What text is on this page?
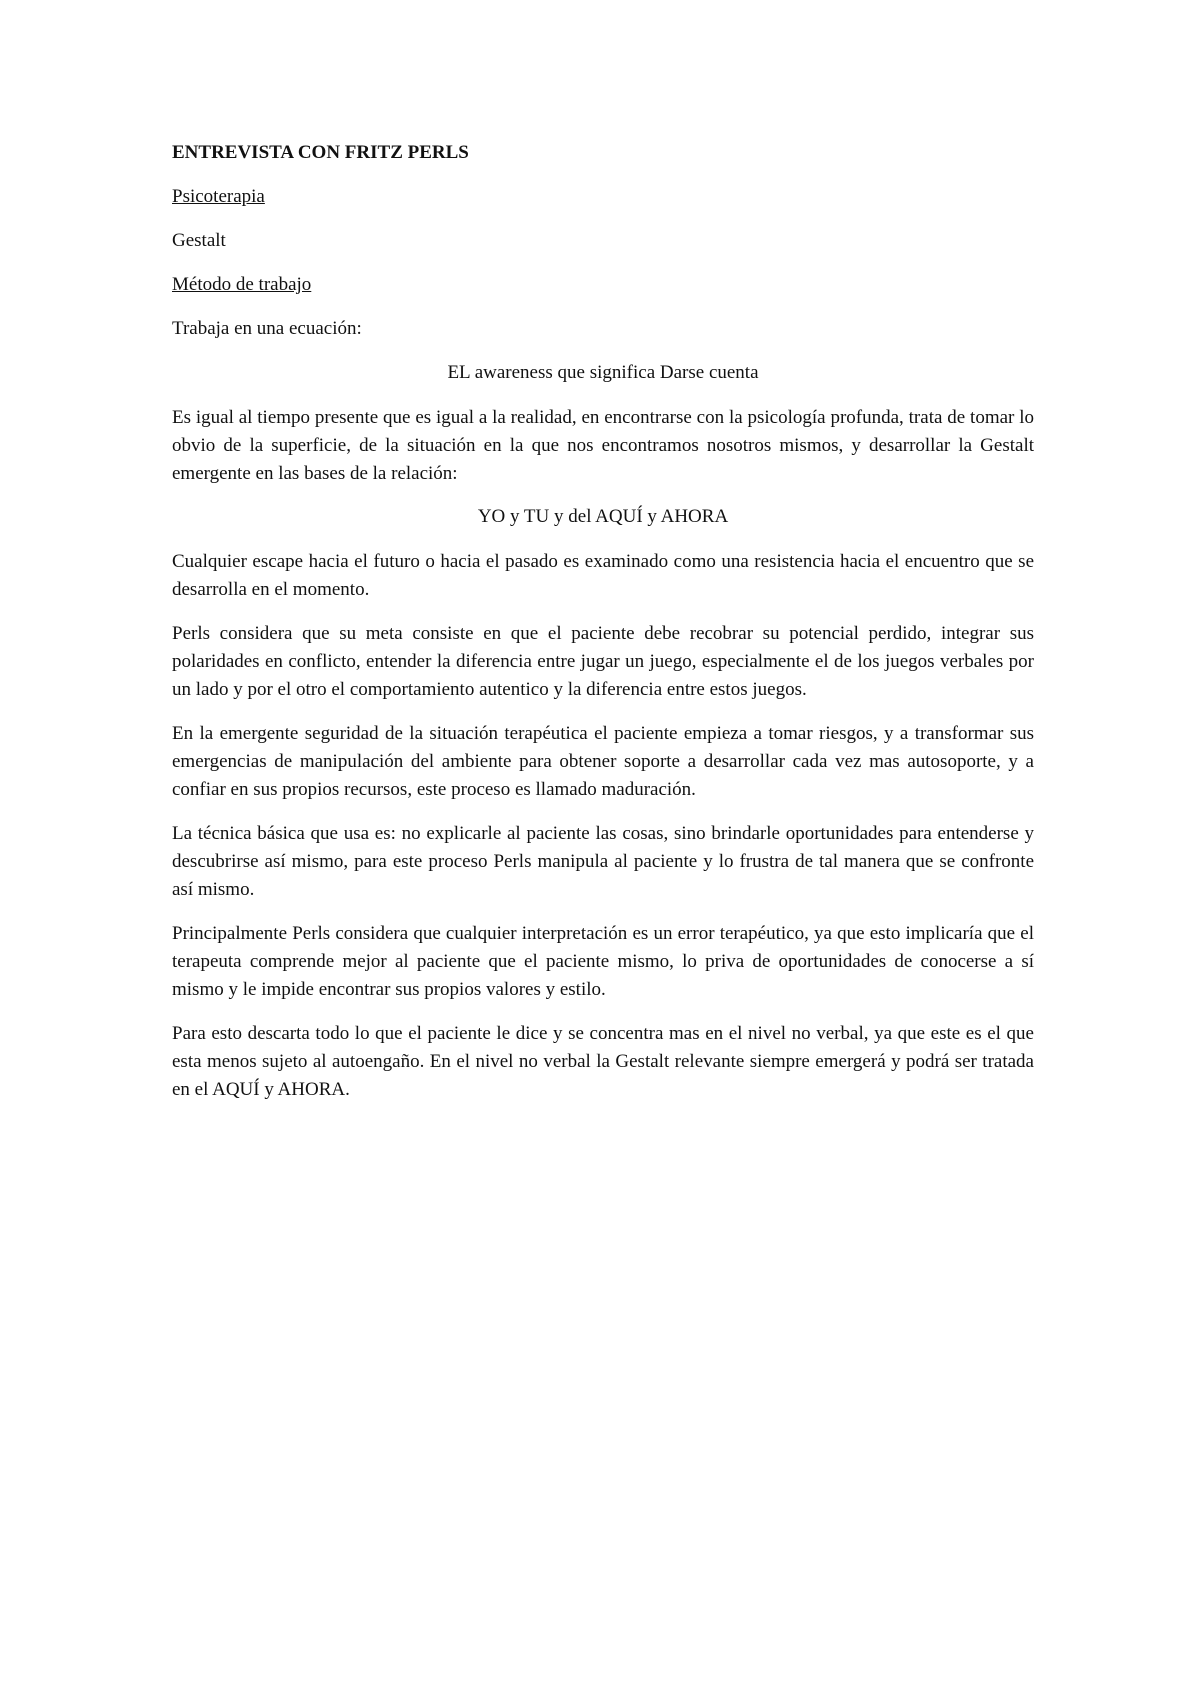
ENTREVISTA CON FRITZ PERLS
Psicoterapia
Gestalt
Método de trabajo
Trabaja en una ecuación:
EL awareness que significa Darse cuenta

Es igual al tiempo presente que es igual a la realidad, en encontrarse con la psicología profunda, trata de tomar lo obvio de la superficie, de la situación en la que nos encontramos nosotros mismos, y desarrollar la Gestalt emergente en las bases de la relación:

YO y TU y del AQUÍ y AHORA

Cualquier escape hacia el futuro o hacia el pasado es examinado como una resistencia hacia el encuentro que se desarrolla en el momento.

Perls considera que su meta consiste en que el paciente debe recobrar su potencial perdido, integrar sus polaridades en conflicto, entender la diferencia entre jugar un juego, especialmente el de los juegos verbales por un lado y por el otro el comportamiento autentico y la diferencia entre estos juegos.

En la emergente seguridad de la situación terapéutica el paciente empieza a tomar riesgos, y a transformar sus emergencias de manipulación del ambiente para obtener soporte a desarrollar cada vez mas autosoporte, y a confiar en sus propios recursos, este proceso es llamado maduración.

La técnica básica que usa es: no explicarle al paciente las cosas, sino brindarle oportunidades para entenderse y descubrirse así mismo, para este proceso Perls manipula al paciente y lo frustra de tal manera que se confronte así mismo.

Principalmente Perls considera que cualquier interpretación es un error terapéutico, ya que esto implicaría que el terapeuta comprende mejor al paciente que el paciente mismo, lo priva de oportunidades de conocerse a sí mismo y le impide encontrar sus propios valores y estilo.

Para esto descarta todo lo que el paciente le dice y se concentra mas en el nivel no verbal, ya que este es el que esta menos sujeto al autoengaño. En el nivel no verbal la Gestalt relevante siempre emergerá y podrá ser tratada en el AQUÍ y AHORA.
